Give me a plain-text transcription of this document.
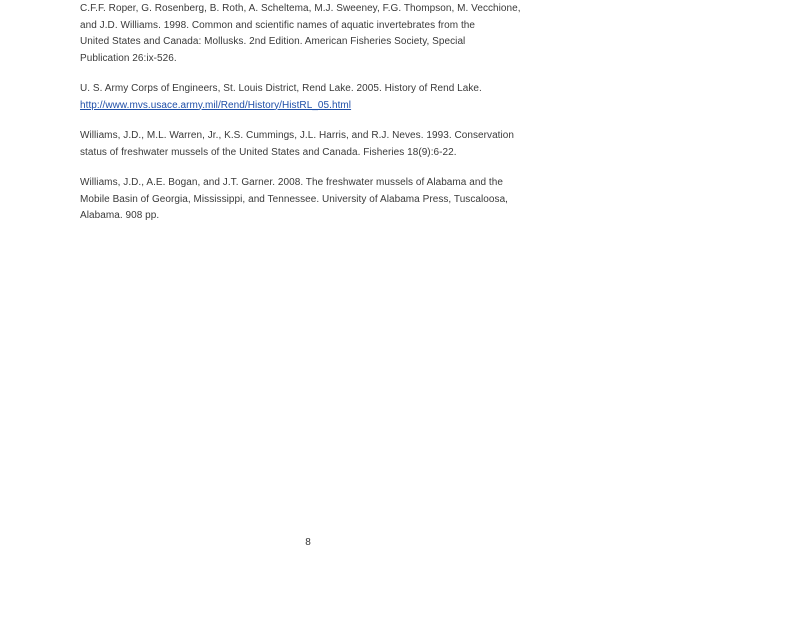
C.F.F. Roper, G. Rosenberg, B. Roth, A. Scheltema, M.J. Sweeney, F.G. Thompson, M. Vecchione,
and J.D. Williams. 1998. Common and scientific names of aquatic invertebrates from the
United States and Canada: Mollusks. 2nd Edition. American Fisheries Society, Special
Publication 26:ix-526.

U. S. Army Corps of Engineers, St. Louis District, Rend Lake. 2005. History of Rend Lake.
http://www.mvs.usace.army.mil/Rend/History/HistRL_05.html

Williams, J.D., M.L. Warren, Jr., K.S. Cummings, J.L. Harris, and R.J. Neves. 1993. Conservation
status of freshwater mussels of the United States and Canada. Fisheries 18(9):6-22.

Williams, J.D., A.E. Bogan, and J.T. Garner. 2008. The freshwater mussels of Alabama and the
Mobile Basin of Georgia, Mississippi, and Tennessee. University of Alabama Press, Tuscaloosa,
Alabama. 908 pp.

8
